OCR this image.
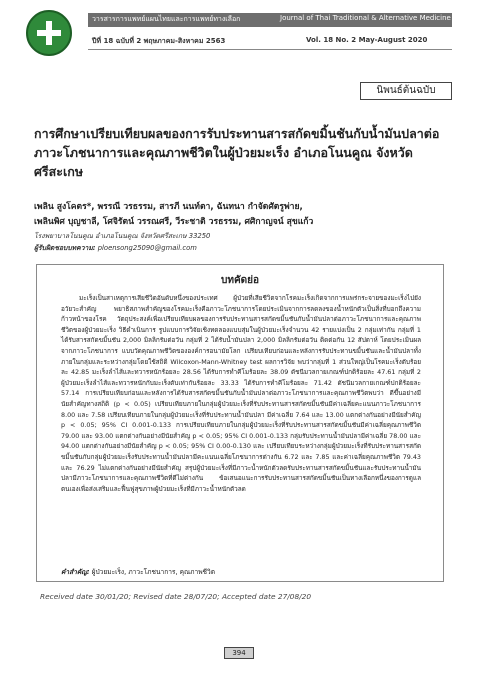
วารสารการแพทย์แผนไทยและการแพทย์ทางเลือก	Journal of Thai Traditional & Alternative Medicine
ปีที่ 18 ฉบับที่ 2 พฤษภาคม-สิงหาคม 2563	Vol. 18 No. 2 May-August 2020
นิพนธ์ต้นฉบับ
การศึกษาเปรียบเทียบผลของการรับประทานสารสกัดขมิ้นชันกับน้ำมันปลาต่อภาวะโภชนาการและคุณภาพชีวิตในผู้ป่วยมะเร็ง อำเภอโนนคูณ จังหวัดศรีสะเกษ
เพลิน สูงโคตร*, พรรณี วรธรรม, สารภี นนท์ตา, ฉันทนา กำจัดศัตรูพ่าย,
เพลินพิศ บุญชาลี, โศจิรัตน์ วรรณศรี, วีระชาติ วรธรรม, ศศิกาญจน์ สุขแก้ว
โรงพยาบาลโนนคูณ อำเภอโนนคูณ จังหวัดศรีสะเกษ 33250
ผู้รับผิดชอบบทความ: ploensong25090@gmail.com
บทคัดย่อ
มะเร็งเป็นสาเหตุการเสียชีวิตอันดับหนึ่งของประเทศ ผู้ป่วยที่เสียชีวิตจากโรคมะเร็งเกิดจากการแพร่กระจายของมะเร็งไปยังอวัยวะสำคัญ พยาธิสภาพสำคัญของโรคมะเร็งคือภาวะโภชนาการโดยประเมินจากการลดลงของน้ำหนักตัวเป็นสิ่งที่บอกถึงความก้าวหน้าของโรค วัตถุประสงค์เพื่อเปรียบเทียบผลของการรับประทานสารสกัดขมิ้นชันกับน้ำมันปลาต่อภาวะโภชนาการและคุณภาพชีวิตของผู้ป่วยมะเร็ง วิธีดำเนินการ รูปแบบการวิจัยเชิงทดลองแบบสุ่มในผู้ป่วยมะเร็งจำนวน 42 รายแบ่งเป็น 2 กลุ่มเท่ากัน กลุ่มที่ 1 ได้รับสารสกัดขมิ้นชัน 2,000 มิลลิกรัมต่อวัน กลุ่มที่ 2 ได้รับน้ำมันปลา 2,000 มิลลิกรัมต่อวัน ติดต่อกัน 12 สัปดาห์ โดยประเมินผลจากภาวะโภชนาการ แบบวัดคุณภาพชีวิตขององค์การอนามัยโลก เปรียบเทียบก่อนและหลังการรับประทานขมิ้นชันและน้ำมันปลาทั้งภายในกลุ่มและระหว่างกลุ่มโดยใช้สถิติ Wilcoxon-Mann-Whitney test ผลการวิจัย พบว่ากลุ่มที่ 1 ส่วนใหญ่เป็นโรคมะเร็งตับร้อยละ 42.85 มะเร็งลำไส้และทวารหนักร้อยละ 28.56 ได้รับการทำคีโมร้อยละ 38.09 ดัชนีมวลกายเกณฑ์ปกติร้อยละ 47.61 กลุ่มที่ 2 ผู้ป่วยมะเร็งลำไส้และทวารหนักกับมะเร็งตับเท่ากันร้อยละ 33.33 ได้รับการทำคีโมร้อยละ 71.42 ดัชนีมวลกายเกณฑ์ปกติร้อยละ 57.14 การเปรียบเทียบก่อนและหลังการได้รับสารสกัดขมิ้นชันกับน้ำมันปลาต่อภาวะโภชนาการและคุณภาพชีวิตพบว่า ดีขึ้นอย่างมีนัยสำคัญทางสถิติ (p < 0.05) เปรียบเทียบภายในกลุ่มผู้ป่วยมะเร็งที่รับประทานสารสกัดขมิ้นชันมีค่าเฉลี่ยคะแนนภาวะโภชนาการ 8.00 และ 7.58 เปรียบเทียบภายในกลุ่มผู้ป่วยมะเร็งที่รับประทานน้ำมันปลา มีค่าเฉลี่ย 7.64 และ 13.00 แตกต่างกันอย่างมีนัยสำคัญ p < 0.05; 95% CI 0.001-0.133 การเปรียบเทียบภายในกลุ่มผู้ป่วยมะเร็งที่รับประทานสารสกัดขมิ้นชันมีค่าเฉลี่ยคุณภาพชีวิต 79.00 และ 93.00 แตกต่างกันอย่างมีนัยสำคัญ p < 0.05; 95% CI 0.001-0.133 กลุ่มรับประทานน้ำมันปลามีค่าเฉลี่ย 78.00 และ 94.00 แตกต่างกันอย่างมีนัยสำคัญ p < 0.05; 95% CI 0.00-0.130 และ เปรียบเทียบระหว่างกลุ่มผู้ป่วยมะเร็งที่รับประทานสารสกัดขมิ้นชันกับกลุ่มผู้ป่วยมะเร็งรับประทานน้ำมันปลามีคะแนนเฉลี่ยโภชนาการต่างกัน 6.72 และ 7.85 และค่าเฉลี่ยคุณภาพชีวิต 79.43 และ 76.29 ไม่แตกต่างกันอย่างมีนัยสำคัญ สรุปผู้ป่วยมะเร็งที่มีภาวะน้ำหนักตัวลดรับประทานสารสกัดขมิ้นชันและรับประทานน้ำมันปลามีภาวะโภชนาการและคุณภาพชีวิตที่ดีไม่ต่างกัน ข้อเสนอแนะการรับประทานสารสกัดขมิ้นชันเป็นทางเลือกหนึ่งของการดูแลตนเองเพื่อส่งเสริมและฟื้นฟูสุขภาพผู้ป่วยมะเร็งที่มีภาวะน้ำหนักตัวลด
คำสำคัญ: ผู้ป่วยมะเร็ง, ภาวะโภชนาการ, คุณภาพชีวิต
Received date 30/01/20; Revised date 28/07/20; Accepted date 27/08/20
394
